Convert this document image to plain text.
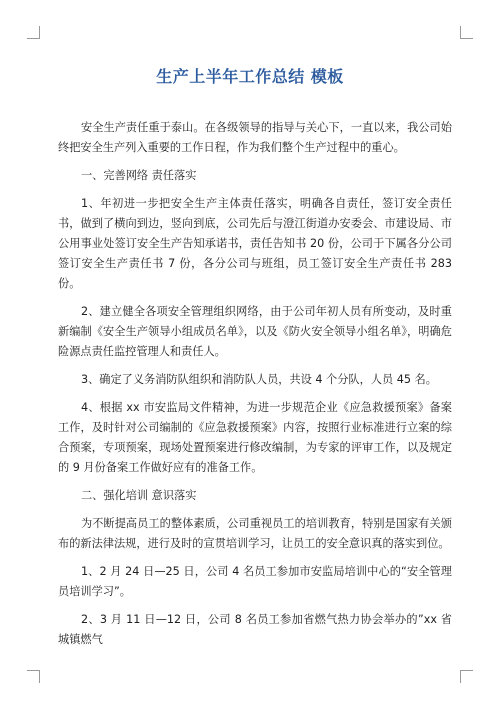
生产上半年工作总结 模板

安全生产责任重于泰山。在各级领导的指导与关心下，一直以来，我公司始终把安全生产列入重要的工作日程，作为我们整个生产过程中的重心。

一、完善网络 责任落实

1、年初进一步把安全生产主体责任落实，明确各自责任，签订安全责任书，做到了横向到边，竖向到底，公司先后与澄江街道办安委会、市建设局、市公用事业处签订安全生产告知承诺书，责任告知书 20 份，公司于下属各分公司签订安全生产责任书 7 份，各分公司与班组，员工签订安全生产责任书 283 份。

2、建立健全各项安全管理组织网络，由于公司年初人员有所变动，及时重新编制《安全生产领导小组成员名单》，以及《防火安全领导小组名单》，明确危险源点责任监控管理人和责任人。

3、确定了义务消防队组织和消防队人员，共设 4 个分队，人员 45 名。

4、根据 xx 市安监局文件精神，为进一步规范企业《应急救援预案》备案工作，及时针对公司编制的《应急救援预案》内容，按照行业标准进行立案的综合预案，专项预案，现场处置预案进行修改编制，为专家的评审工作，以及规定的 9 月份备案工作做好应有的准备工作。

二、强化培训 意识落实

为不断提高员工的整体素质，公司重视员工的培训教育，特别是国家有关颁布的新法律法规，进行及时的宣贯培训学习，让员工的安全意识真的落实到位。

1、2 月 24 日—25 日，公司 4 名员工参加市安监局培训中心的“安全管理员培训学习”。

2、3 月 11 日—12 日，公司 8 名员工参加省燃气热力协会举办的”xx 省城镇燃气
